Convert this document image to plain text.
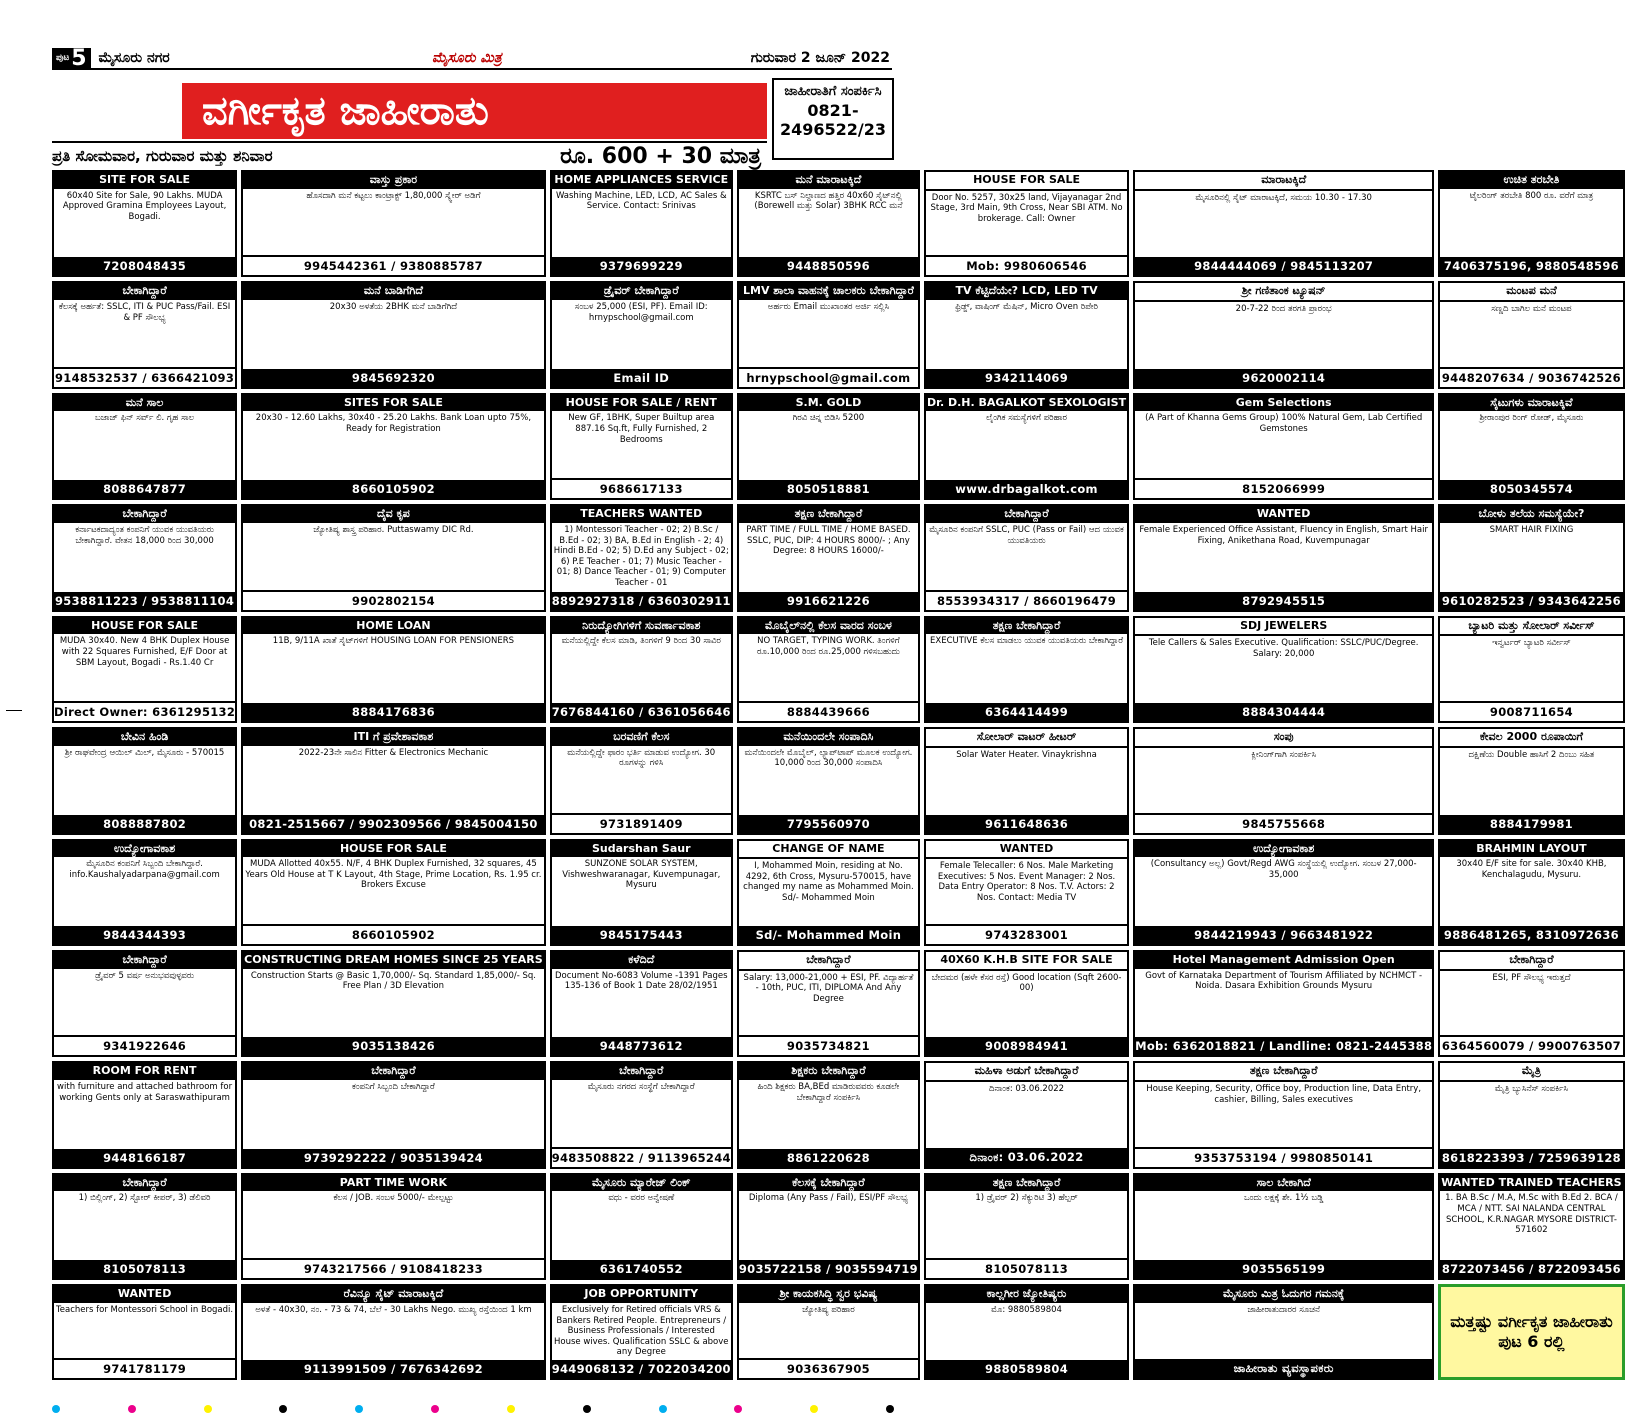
ಪುಟ 5 ಮೈಸೂರು ನಗರ	ಮೈಸೂರು ಮಿತ್ರ	ಗುರುವಾರ 2 ಜೂನ್ 2022
ವರ್ಗೀಕೃತ ಜಾಹೀರಾತು
ಪ್ರತಿ ಸೋಮವಾರ, ಗುರುವಾರ ಮತ್ತು ಶನಿವಾರ	ರೂ. 600 + 30 ಮಾತ್ರ
ಜಾಹೀರಾತಿಗೆ ಸಂಪರ್ಕಿಸಿ
0821-2496522/23
SITE FOR SALE
60x40 Site for Sale, 90 Lakhs. MUDA Approved Gramina Employees Layout, Bogadi.
7208048435
ವಾಸ್ತು ಪ್ರಕಾರ
ಹೊಸದಾಗಿ ಮನೆ ಕಟ್ಟಲು ಕಾಂಟ್ರಾಕ್ಟ್ 1,80,000 ಸ್ಕ್ವೇರ್ ಅಡಿಗೆ
9945442361 / 9380885787
HOME APPLIANCES SERVICE
Washing Machine, LED, LCD, AC Sales & Service. Contact: Srinivas
9379699229
ಮನೆ ಮಾರಾಟಕ್ಕಿದೆ
KSRTC ಬಸ್ ನಿಲ್ದಾಣದ ಹತ್ತಿರ 40x60 ಸೈಟ್‌ನಲ್ಲಿ (Borewell ಮತ್ತು Solar) 3BHK RCC ಮನೆ
9448850596
HOUSE FOR SALE
Door No. 5257, 30x25 land, Vijayanagar 2nd Stage, 3rd Main, 9th Cross, Near SBI ATM. No brokerage. Call: Owner
Mob: 9980606546
ಮಾರಾಟಕ್ಕಿದೆ
ಮೈಸೂರಿನಲ್ಲಿ ಸೈಟ್ ಮಾರಾಟಕ್ಕಿದೆ, ಸಮಯ 10.30 - 17.30
9844444069 / 9845113207
ಉಚಿತ ತರಬೇತಿ
ಟೈಲರಿಂಗ್ ತರಬೇತಿ 800 ರೂ. ವರೆಗೆ ಮಾತ್ರ
7406375196, 9880548596
ಬೇಕಾಗಿದ್ದಾರೆ
ಕೆಲಸಕ್ಕೆ ಅರ್ಹತೆ: SSLC, ITI & PUC Pass/Fail. ESI & PF ಸೌಲಭ್ಯ
9148532537 / 6366421093
ಮನೆ ಬಾಡಿಗೆಗಿದೆ
20x30 ಅಳತೆಯ 2BHK ಮನೆ ಬಾಡಿಗೆಗಿದೆ
9845692320
ಡ್ರೈವರ್ ಬೇಕಾಗಿದ್ದಾರೆ
ಸಂಬಳ 25,000 (ESI, PF). Email ID: hrnypschool@gmail.com
Email ID
LMV ಶಾಲಾ ವಾಹನಕ್ಕೆ ಚಾಲಕರು ಬೇಕಾಗಿದ್ದಾರೆ
ಅರ್ಹರು Email ಮುಖಾಂತರ ಅರ್ಜಿ ಸಲ್ಲಿಸಿ
hrnypschool@gmail.com
TV ಕೆಟ್ಟಿದೆಯೇ? LCD, LED TV
ಫ್ರಿಡ್ಜ್, ವಾಷಿಂಗ್ ಮೆಷಿನ್, Micro Oven ರಿಪೇರಿ
9342114069
ಶ್ರೀ ಗಣಿತಾಂಕ ಟ್ಯೂಷನ್
20-7-22 ರಿಂದ ತರಗತಿ ಪ್ರಾರಂಭ
9620002114
ಮಂಟಪ ಮನೆ
ಸಣ್ಣದಿ ಬಾಗಿಲ ಮನೆ ಮಂಟಪ
9448207634 / 9036742526
ಮನೆ ಸಾಲ
ಬಜಾಜ್ ಫಿನ್ ಸರ್ವ್ ಲಿ. ಗೃಹ ಸಾಲ
8088647877
SITES FOR SALE
20x30 - 12.60 Lakhs, 30x40 - 25.20 Lakhs. Bank Loan upto 75%, Ready for Registration
8660105902
HOUSE FOR SALE / RENT
New GF, 1BHK, Super Builtup area 887.16 Sq.ft, Fully Furnished, 2 Bedrooms
9686617133
S.M. GOLD
ಗಿರವಿ ಚಿನ್ನ ಬಿಡಿಸಿ 5200
8050518881
Dr. D.H. BAGALKOT SEXOLOGIST
ಲೈಂಗಿಕ ಸಮಸ್ಯೆಗಳಿಗೆ ಪರಿಹಾರ
www.drbagalkot.com
Gem Selections
(A Part of Khanna Gems Group) 100% Natural Gem, Lab Certified Gemstones
8152066999
ಸೈಟುಗಳು ಮಾರಾಟಕ್ಕಿವೆ
ಶ್ರೀರಾಂಪುರ ರಿಂಗ್ ರೋಡ್, ಮೈಸೂರು
8050345574
ಬೇಕಾಗಿದ್ದಾರೆ
ಕರ್ನಾಟಕದಾದ್ಯಂತ ಕಂಪನಿಗೆ ಯುವಕ ಯುವತಿಯರು ಬೇಕಾಗಿದ್ದಾರೆ. ವೇತನ 18,000 ರಿಂದ 30,000
9538811223 / 9538811104
ದೈವ ಕೃಪ
ಜ್ಯೋತಿಷ್ಯ ಶಾಸ್ತ್ರ ಪರಿಹಾರ. Puttaswamy DIC Rd.
9902802154
TEACHERS WANTED
1) Montessori Teacher - 02; 2) B.Sc / B.Ed - 02; 3) BA, B.Ed in English - 2; 4) Hindi B.Ed - 02; 5) D.Ed any Subject - 02; 6) P.E Teacher - 01; 7) Music Teacher - 01; 8) Dance Teacher - 01; 9) Computer Teacher - 01
8892927318 / 6360302911
ತಕ್ಷಣ ಬೇಕಾಗಿದ್ದಾರೆ
PART TIME / FULL TIME / HOME BASED. SSLC, PUC, DIP: 4 HOURS 8000/- ; Any Degree: 8 HOURS 16000/-
9916621226
ಬೇಕಾಗಿದ್ದಾರೆ
ಮೈಸೂರಿನ ಕಂಪನಿಗೆ SSLC, PUC (Pass or Fail) ಆದ ಯುವಕ ಯುವತಿಯರು
8553934317 / 8660196479
WANTED
Female Experienced Office Assistant, Fluency in English, Smart Hair Fixing, Anikethana Road, Kuvempunagar
8792945515
ಬೋಳು ತಲೆಯ ಸಮಸ್ಯೆಯೇ?
SMART HAIR FIXING
9610282523 / 9343642256
HOUSE FOR SALE
MUDA 30x40. New 4 BHK Duplex House with 22 Squares Furnished, E/F Door at SBM Layout, Bogadi - Rs.1.40 Cr
Direct Owner: 6361295132
HOME LOAN
11B, 9/11A ಖಾತೆ ಸೈಟ್‌ಗಳಿಗೆ HOUSING LOAN FOR PENSIONERS
8884176836
ನಿರುದ್ಯೋಗಿಗಳಿಗೆ ಸುವರ್ಣಾವಕಾಶ
ಮನೆಯಲ್ಲಿದ್ದೇ ಕೆಲಸ ಮಾಡಿ, ತಿಂಗಳಿಗೆ 9 ರಿಂದ 30 ಸಾವಿರ
7676844160 / 6361056646
ಮೊಬೈಲ್‌ನಲ್ಲಿ ಕೆಲಸ ವಾರದ ಸಂಬಳ
NO TARGET, TYPING WORK. ತಿಂಗಳಿಗೆ ರೂ.10,000 ರಿಂದ ರೂ.25,000 ಗಳಿಸಬಹುದು
8884439666
ತಕ್ಷಣ ಬೇಕಾಗಿದ್ದಾರೆ
EXECUTIVE ಕೆಲಸ ಮಾಡಲು ಯುವಕ ಯುವತಿಯರು ಬೇಕಾಗಿದ್ದಾರೆ
6364414499
SDJ JEWELERS
Tele Callers & Sales Executive. Qualification: SSLC/PUC/Degree. Salary: 20,000
8884304444
ಬ್ಯಾಟರಿ ಮತ್ತು ಸೋಲಾರ್ ಸರ್ವೀಸ್
ಇನ್ವರ್ಟರ್ ಬ್ಯಾಟರಿ ಸರ್ವೀಸ್
9008711654
ಬೇವಿನ ಹಿಂಡಿ
ಶ್ರೀ ರಾಘವೇಂದ್ರ ಆಯಿಲ್ ಮಿಲ್, ಮೈಸೂರು - 570015
8088887802
ITI ಗೆ ಪ್ರವೇಶಾವಕಾಶ
2022-23ನೇ ಸಾಲಿನ Fitter & Electronics Mechanic
0821-2515667 / 9902309566 / 9845004150
ಬರವಣಿಗೆ ಕೆಲಸ
ಮನೆಯಲ್ಲಿದ್ದೇ ಫಾರಂ ಭರ್ತಿ ಮಾಡುವ ಉದ್ಯೋಗ. 30 ರೂಗಳನ್ನು ಗಳಿಸಿ
9731891409
ಮನೆಯಿಂದಲೇ ಸಂಪಾದಿಸಿ
ಮನೆಯಿಂದಲೇ ಮೊಬೈಲ್, ಲ್ಯಾಪ್‌ಟಾಪ್ ಮೂಲಕ ಉದ್ಯೋಗ. 10,000 ರಿಂದ 30,000 ಸಂಪಾದಿಸಿ
7795560970
ಸೋಲಾರ್ ವಾಟರ್ ಹೀಟರ್
Solar Water Heater. Vinaykrishna
9611648636
ಸಂಪು
ಕ್ಲೀನಿಂಗ್‌ಗಾಗಿ ಸಂಪರ್ಕಿಸಿ
9845755668
ಕೇವಲ 2000 ರೂಪಾಯಿಗೆ
ದಕ್ಷಿಣೆಯ Double ಹಾಸಿಗೆ 2 ದಿಂಬು ಸಹಿತ
8884179981
ಉದ್ಯೋಗಾವಕಾಶ
ಮೈಸೂರಿನ ಕಂಪನಿಗೆ ಸಿಬ್ಬಂದಿ ಬೇಕಾಗಿದ್ದಾರೆ. info.Kaushalyadarpana@gmail.com
9844344393
HOUSE FOR SALE
MUDA Allotted 40x55. N/F, 4 BHK Duplex Furnished, 32 squares, 45 Years Old House at T K Layout, 4th Stage, Prime Location, Rs. 1.95 cr. Brokers Excuse
8660105902
Sudarshan Saur
SUNZONE SOLAR SYSTEM, Vishweshwaranagar, Kuvempunagar, Mysuru
9845175443
CHANGE OF NAME
I, Mohammed Moin, residing at No. 4292, 6th Cross, Mysuru-570015, have changed my name as Mohammed Moin. Sd/- Mohammed Moin
Sd/- Mohammed Moin
WANTED
Female Telecaller: 6 Nos. Male Marketing Executives: 5 Nos. Event Manager: 2 Nos. Data Entry Operator: 8 Nos. T.V. Actors: 2 Nos. Contact: Media TV
9743283001
ಉದ್ಯೋಗಾವಕಾಶ
(Consultancy ಅಲ್ಲ) Govt/Regd AWG ಸಂಸ್ಥೆಯಲ್ಲಿ ಉದ್ಯೋಗ. ಸಂಬಳ 27,000-35,000
9844219943 / 9663481922
BRAHMIN LAYOUT
30x40 E/F site for sale. 30x40 KHB, Kenchalagudu, Mysuru.
9886481265, 8310972636
ಬೇಕಾಗಿದ್ದಾರೆ
ಡ್ರೈವರ್ 5 ವರ್ಷ ಅನುಭವವುಳ್ಳವರು
9341922646
CONSTRUCTING DREAM HOMES SINCE 25 YEARS
Construction Starts @ Basic 1,70,000/- Sq. Standard 1,85,000/- Sq. Free Plan / 3D Elevation
9035138426
ಕಳೆದಿದೆ
Document No-6083 Volume -1391 Pages 135-136 of Book 1 Date 28/02/1951
9448773612
ಬೇಕಾಗಿದ್ದಾರೆ
Salary: 13,000-21,000 + ESI, PF. ವಿದ್ಯಾರ್ಹತೆ - 10th, PUC, ITI, DIPLOMA And Any Degree
9035734821
40X60 K.H.B SITE FOR SALE
ಬೇದಮರ (ಹಳೇ ಕೆಸರ ರಸ್ತೆ) Good location (Sqft 2600-00)
9008984941
Hotel Management Admission Open
Govt of Karnataka Department of Tourism Affiliated by NCHMCT - Noida. Dasara Exhibition Grounds Mysuru
Mob: 6362018821 / Landline: 0821-2445388
ಬೇಕಾಗಿದ್ದಾರೆ
ESI, PF ಸೌಲಭ್ಯ ಇರುತ್ತದೆ
6364560079 / 9900763507
ROOM FOR RENT
with furniture and attached bathroom for working Gents only at Saraswathipuram
9448166187
ಬೇಕಾಗಿದ್ದಾರೆ
ಕಂಪನಿಗೆ ಸಿಬ್ಬಂದಿ ಬೇಕಾಗಿದ್ದಾರೆ
9739292222 / 9035139424
ಬೇಕಾಗಿದ್ದಾರೆ
ಮೈಸೂರು ನಗರದ ಸಂಸ್ಥೆಗೆ ಬೇಕಾಗಿದ್ದಾರೆ
9483508822 / 9113965244
ಶಿಕ್ಷಕರು ಬೇಕಾಗಿದ್ದಾರೆ
ಹಿಂದಿ ಶಿಕ್ಷಕರು BA,BEd ಮಾಡಿರುವವರು ಕೂಡಲೇ ಬೇಕಾಗಿದ್ದಾರೆ ಸಂಪರ್ಕಿಸಿ
8861220628
ಮಹಿಳಾ ಅಡುಗೆ ಬೇಕಾಗಿದ್ದಾರೆ
ದಿನಾಂಕ: 03.06.2022
ದಿನಾಂಕ: 03.06.2022
ತಕ್ಷಣ ಬೇಕಾಗಿದ್ದಾರೆ
House Keeping, Security, Office boy, Production line, Data Entry, cashier, Billing, Sales executives
9353753194 / 9980850141
ಮೈತ್ರಿ
ಮೈತ್ರಿ ಬ್ಯುಸಿನೆಸ್ ಸಂಪರ್ಕಿಸಿ
8618223393 / 7259639128
ಬೇಕಾಗಿದ್ದಾರೆ
1) ಬಿಲ್ಲಿಂಗ್, 2) ಸ್ಟೋರ್ ಕೀಪರ್, 3) ಡೆಲಿವರಿ
8105078113
PART TIME WORK
ಕೆಲಸ / JOB. ಸಂಬಳ 5000/- ಮೇಲ್ಪಟ್ಟು
9743217566 / 9108418233
ಮೈಸೂರು ಮ್ಯಾರೇಜ್ ಲಿಂಕ್
ವಧು - ವರರ ಅನ್ವೇಷಣೆ
6361740552
ಕೆಲಸಕ್ಕೆ ಬೇಕಾಗಿದ್ದಾರೆ
Diploma (Any Pass / Fail), ESI/PF ಸೌಲಭ್ಯ
9035722158 / 9035594719
ತಕ್ಷಣ ಬೇಕಾಗಿದ್ದಾರೆ
1) ಡ್ರೈವರ್ 2) ಸೆಕ್ಯುರಿಟಿ 3) ಹೆಲ್ಪರ್
8105078113
ಸಾಲ ಬೇಕಾಗಿದೆ
ಒಂದು ಲಕ್ಷಕ್ಕೆ ಶೇ. 1½ ಬಡ್ಡಿ
9035565199
WANTED TRAINED TEACHERS
1. BA B.Sc / M.A, M.Sc with B.Ed 2. BCA / MCA / NTT. SAI NALANDA CENTRAL SCHOOL, K.R.NAGAR MYSORE DISTRICT-571602
8722073456 / 8722093456
WANTED
Teachers for Montessori School in Bogadi.
9741781179
ರೆವಿನ್ಯೂ ಸೈಟ್ ಮಾರಾಟಕ್ಕಿದೆ
ಅಳತೆ - 40x30, ನಂ. - 73 & 74, ಬೆಲೆ - 30 Lakhs Nego. ಮುಖ್ಯ ರಸ್ತೆಯಿಂದ 1 km
9113991509 / 7676342692
JOB OPPORTUNITY
Exclusively for Retired officials VRS & Bankers Retired People. Entrepreneurs / Business Professionals / Interested House wives. Qualification SSLC & above any Degree
9449068132 / 7022034200
ಶ್ರೀ ಕಾಯಕಸಿದ್ಧಿ ಸ್ವರ ಭವಿಷ್ಯ
ಜ್ಯೋತಿಷ್ಯ ಪರಿಹಾರ
9036367905
ಕಾಲ್ಲಗೀರ ಜ್ಯೋತಿಷ್ಯರು
ಮೊ: 9880589804
9880589804
ಮೈಸೂರು ಮಿತ್ರ ಓದುಗರ ಗಮನಕ್ಕೆ
ಜಾಹೀರಾತುದಾರರ ಸೂಚನೆ
ಜಾಹೀರಾತು ವ್ಯವಸ್ಥಾಪಕರು
ಮತ್ತಷ್ಟು ವರ್ಗೀಕೃತ ಜಾಹೀರಾತು ಪುಟ 6 ರಲ್ಲಿ
